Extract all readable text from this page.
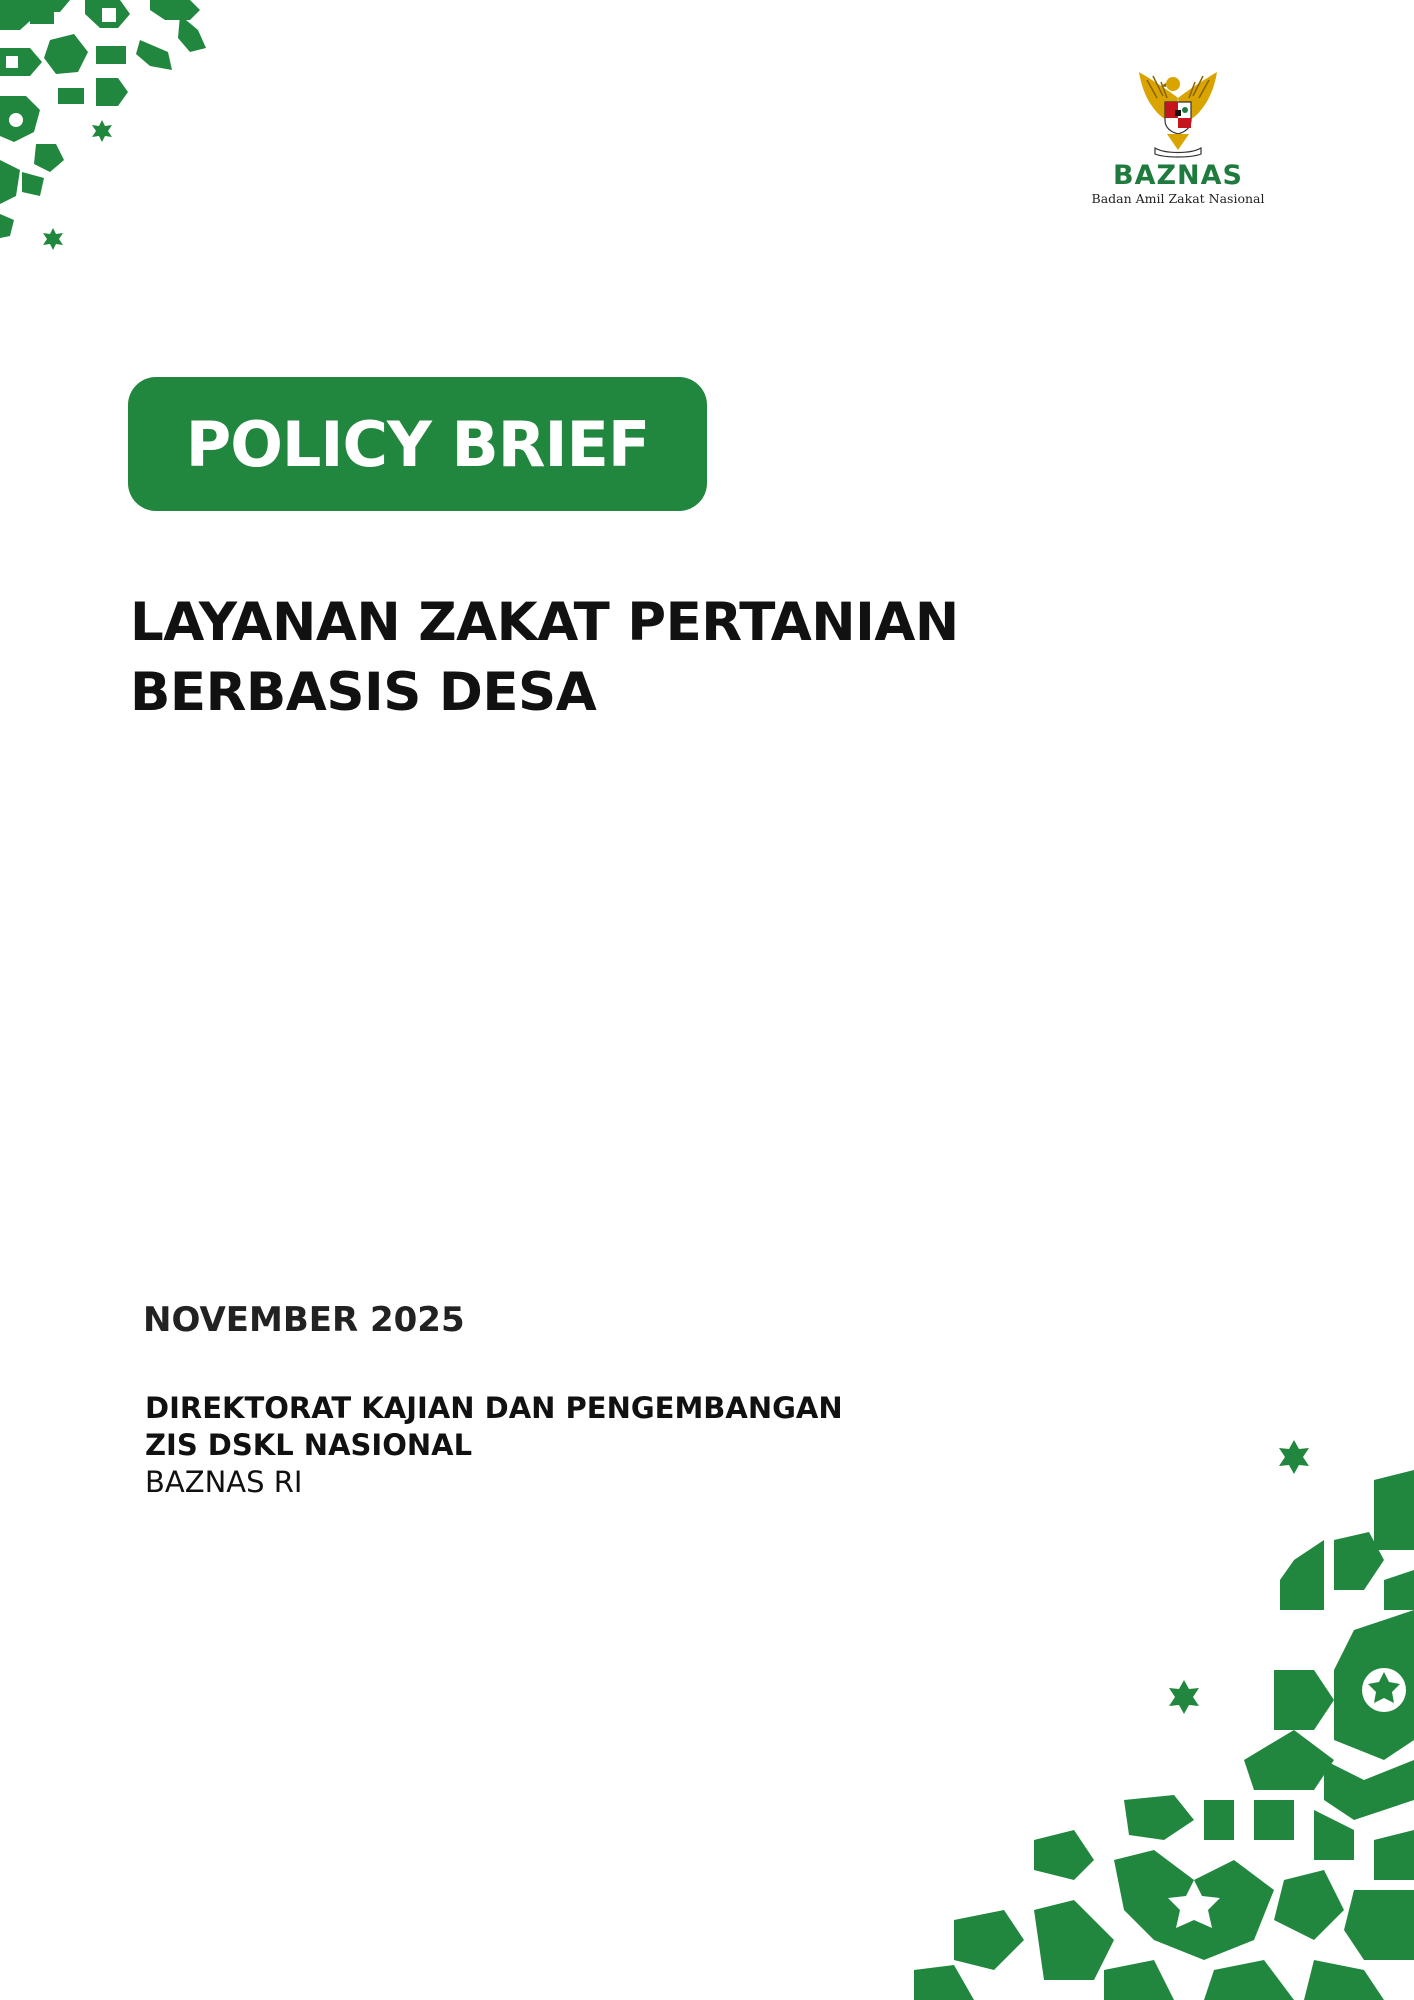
BAZNAS
Badan Amil Zakat Nasional
POLICY BRIEF
LAYANAN ZAKAT PERTANIAN
BERBASIS DESA
NOVEMBER 2025
DIREKTORAT KAJIAN DAN PENGEMBANGAN
ZIS DSKL NASIONAL
BAZNAS RI
